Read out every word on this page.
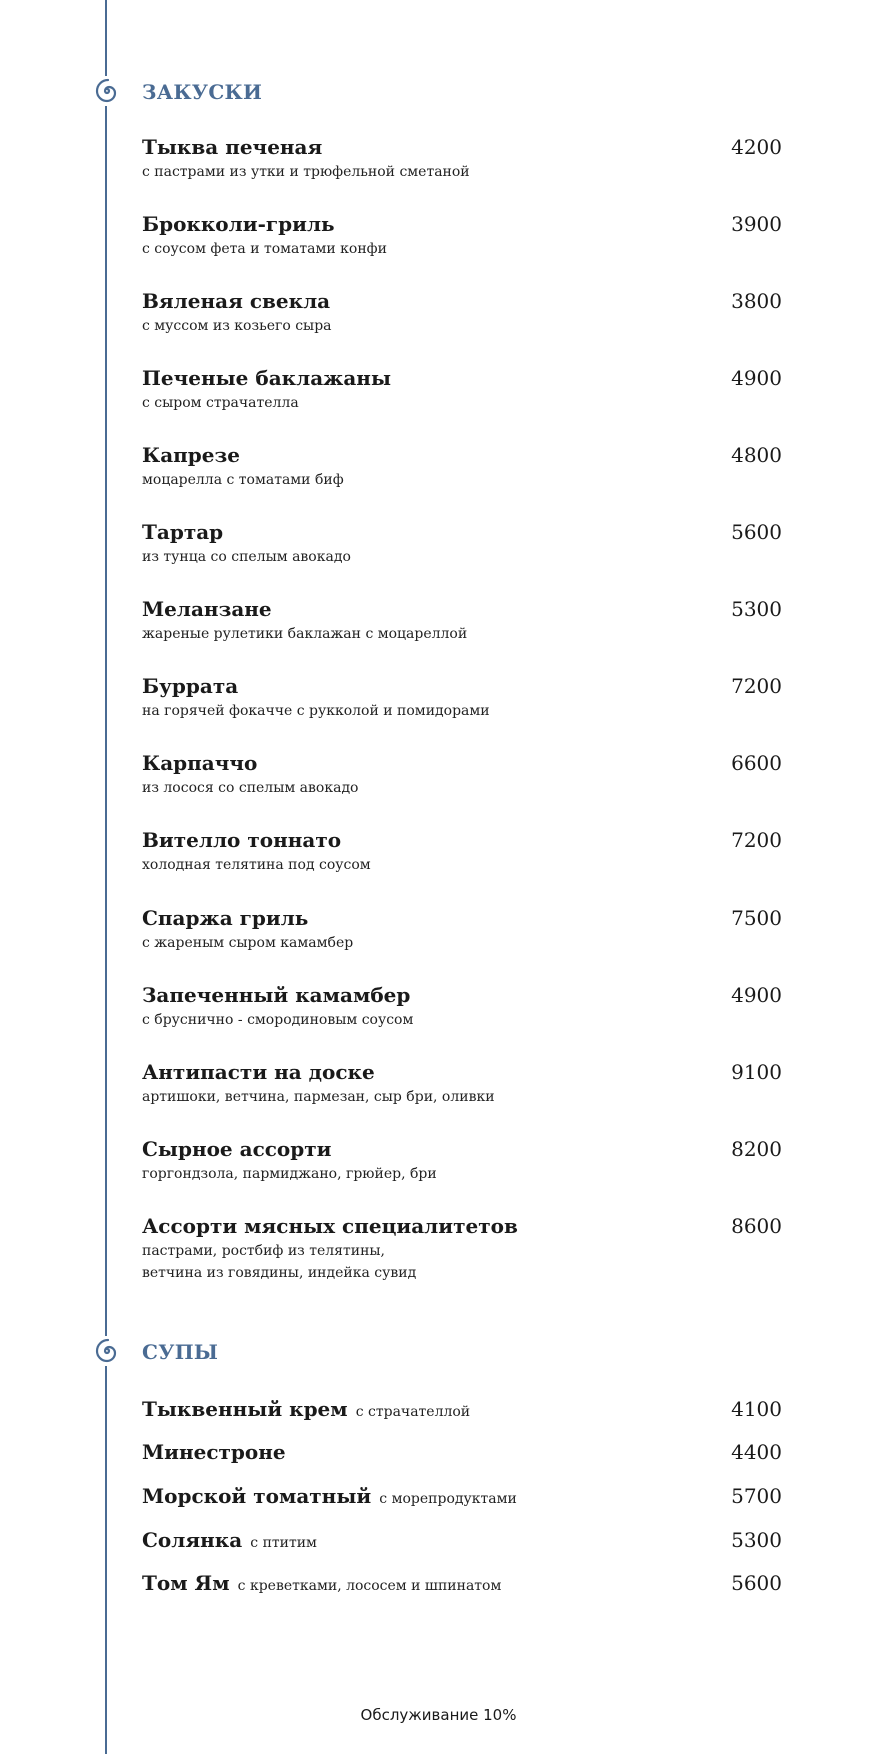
ЗАКУСКИ
Тыква печеная
с пастрами из утки и трюфельной сметаной
4200
Брокколи-гриль
с соусом фета и томатами конфи
3900
Вяленая свекла
с муссом из козьего сыра
3800
Печеные баклажаны
с сыром страчателла
4900
Капрезе
моцарелла с томатами биф
4800
Тартар
из тунца со спелым авокадо
5600
Меланзане
жареные рулетики баклажан с моцареллой
5300
Буррата
на горячей фокачче с рукколой и помидорами
7200
Карпаччо
из лосося со спелым авокадо
6600
Вителло тоннато
холодная телятина под соусом
7200
Спаржа гриль
с жареным сыром камамбер
7500
Запеченный камамбер
с бруснично - смородиновым соусом
4900
Антипасти на доске
артишоки, ветчина, пармезан, сыр бри, оливки
9100
Сырное ассорти
горгондзола, пармиджано, грюйер, бри
8200
Ассорти мясных специалитетов
пастрами, ростбиф из телятины,
ветчина из говядины, индейка сувид
8600
СУПЫ
Тыквенный крем с страчателлой	4100
Минестроне	4400
Морской томатный с морепродуктами	5700
Солянка с птитим	5300
Том Ям с креветками, лососем и шпинатом	5600
Обслуживание 10%
